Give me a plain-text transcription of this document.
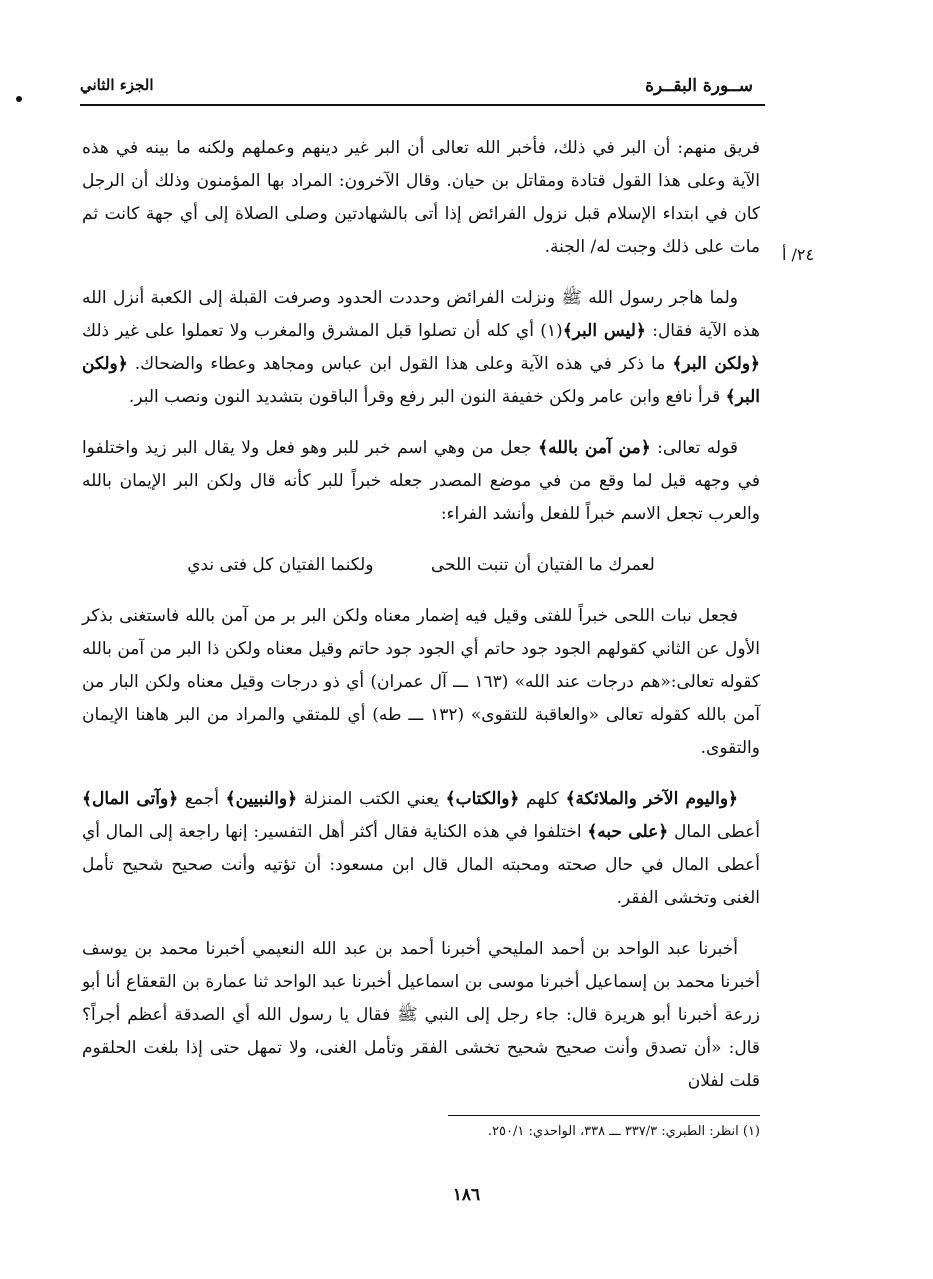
ســورة البقــرة
الجزء الثاني
٢٤/ أ

فريق منهم: أن البر في ذلك، فأخبر الله تعالى أن البر غير دينهم وعملهم ولكنه ما بينه في هذه الآية وعلى هذا القول قتادة ومقاتل بن حيان. وقال الآخرون: المراد بها المؤمنون وذلك أن الرجل كان في ابتداء الإسلام قبل نزول الفرائض إذا أتى بالشهادتين وصلى الصلاة إلى أي جهة كانت ثم مات على ذلك وجبت له/ الجنة.

ولما هاجر رسول الله ﷺ ونزلت الفرائض وحددت الحدود وصرفت القبلة إلى الكعبة أنزل الله هذه الآية فقال: ﴿ليس البر﴾(١) أي كله أن تصلوا قبل المشرق والمغرب ولا تعملوا على غير ذلك ﴿ولكن البر﴾ ما ذكر في هذه الآية وعلى هذا القول ابن عباس ومجاهد وعطاء والضحاك. ﴿ولكن البر﴾ قرأ نافع وابن عامر ولكن خفيفة النون البر رفع وقرأ الباقون بتشديد النون ونصب البر.

قوله تعالى: ﴿من آمن بالله﴾ جعل من وهي اسم خبر للبر وهو فعل ولا يقال البر زيد واختلفوا في وجهه قيل لما وقع من في موضع المصدر جعله خبراً للبر كأنه قال ولكن البر الإيمان بالله والعرب تجعل الاسم خبراً للفعل وأنشد الفراء:

لعمرك ما الفتيان أن تنبت اللحى ولكنما الفتيان كل فتى ندي

فجعل نبات اللحى خبراً للفتى وقيل فيه إضمار معناه ولكن البر بر من آمن بالله فاستغنى بذكر الأول عن الثاني كقولهم الجود جود حاتم أي الجود جود حاتم وقيل معناه ولكن ذا البر من آمن بالله كقوله تعالى:«هم درجات عند الله» (١٦٣ ـــ آل عمران) أي ذو درجات وقيل معناه ولكن البار من آمن بالله كقوله تعالى «والعاقبة للتقوى» (١٣٢ ـــ طه) أي للمتقي والمراد من البر هاهنا الإيمان والتقوى.

﴿واليوم الآخر والملائكة﴾ كلهم ﴿والكتاب﴾ يعني الكتب المنزلة ﴿والنبيين﴾ أجمع ﴿وآتى المال﴾ أعطى المال ﴿على حبه﴾ اختلفوا في هذه الكناية فقال أكثر أهل التفسير: إنها راجعة إلى المال أي أعطى المال في حال صحته ومحبته المال قال ابن مسعود: أن تؤتيه وأنت صحيح شحيح تأمل الغنى وتخشى الفقر.

أخبرنا عبد الواحد بن أحمد المليحي أخبرنا أحمد بن عبد الله النعيمي أخبرنا محمد بن يوسف أخبرنا محمد بن إسماعيل أخبرنا موسى بن اسماعيل أخبرنا عبد الواحد ثنا عمارة بن القعقاع أنا أبو زرعة أخبرنا أبو هريرة قال: جاء رجل إلى النبي ﷺ فقال يا رسول الله أي الصدقة أعظم أجراً؟ قال: «أن تصدق وأنت صحيح شحيح تخشى الفقر وتأمل الغنى، ولا تمهل حتى إذا بلغت الحلقوم قلت لفلان

(١) انظر: الطبري: ٣٣٧/٣ ـــ ٣٣٨، الواحدي: ٢٥٠/١.
١٨٦
